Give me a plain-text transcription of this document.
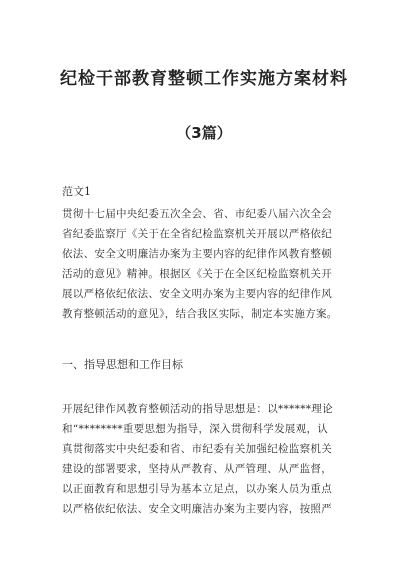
纪检干部教育整顿工作实施方案材料
（3篇）
范文1
贯彻十七届中央纪委五次全会、省、市纪委八届六次全会
省纪委监察厅《关于在全省纪检监察机关开展以严格依纪
依法、安全文明廉洁办案为主要内容的纪律作风教育整顿
活动的意见》精神。根据区《关于在全区纪检监察机关开
展以严格依纪依法、安全文明办案为主要内容的纪律作风
教育整顿活动的意见》，结合我区实际，制定本实施方案。
一、指导思想和工作目标
开展纪律作风教育整顿活动的指导思想是：以******理论
和“********重要思想为指导，深入贯彻科学发展观，认
真贯彻落实中央纪委和省、市纪委有关加强纪检监察机关
建设的部署要求，坚持从严教育、从严管理、从严监督，
以正面教育和思想引导为基本立足点，以办案人员为重点
以严格依纪依法、安全文明廉洁办案为主要内容，按照严
